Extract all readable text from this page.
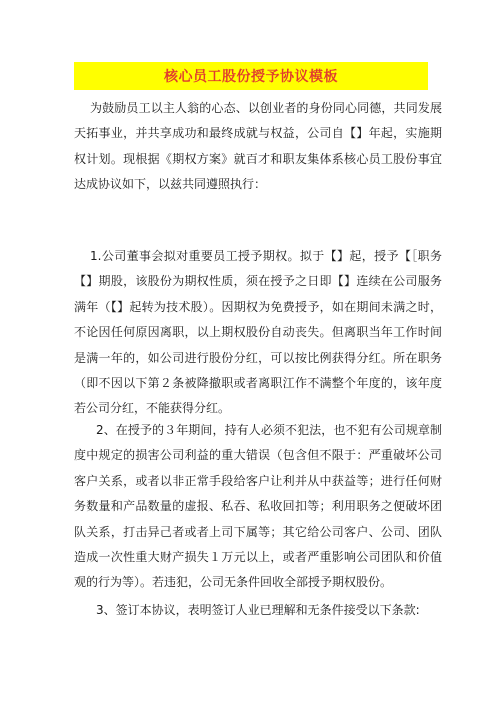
核心员工股份授予协议模板

为鼓励员工以主人翁的心态、以创业者的身份同心同德，共同发展天拓事业，并共享成功和最终成就与权益，公司自【】年起，实施期权计划。现根据《期权方案》就百才和职友集体系核心员工股份事宜达成协议如下，以兹共同遵照执行：

1.公司董事会拟对重要员工授予期权。拟于【】起，授予【［职务【】期股，该股份为期权性质，须在授予之日即【】连续在公司服务满年（【】起转为技术股）。因期权为免费授予，如在期间未满之时，不论因任何原因离职，以上期权股份自动丧失。但离职当年工作时间是满一年的，如公司进行股份分红，可以按比例获得分红。所在职务（即不因以下第２条被降撤职或者离职江作不满整个年度的，该年度若公司分红，不能获得分红。

2、在授予的３年期间，持有人必须不犯法，也不犯有公司规章制度中规定的损害公司利益的重大错误（包含但不限于：严重破坏公司客户关系，或者以非正常手段给客户让利并从中获益等；进行任何财务数量和产品数量的虚报、私吞、私收回扣等；利用职务之便破坏团队关系，打击异己者或者上司下属等；其它给公司客户、公司、团队造成一次性重大财产损失１万元以上，或者严重影响公司团队和价值观的行为等）。若违犯，公司无条件回收全部授予期权股份。

3、签订本协议，表明签订人业已理解和无条件接受以下条款:
